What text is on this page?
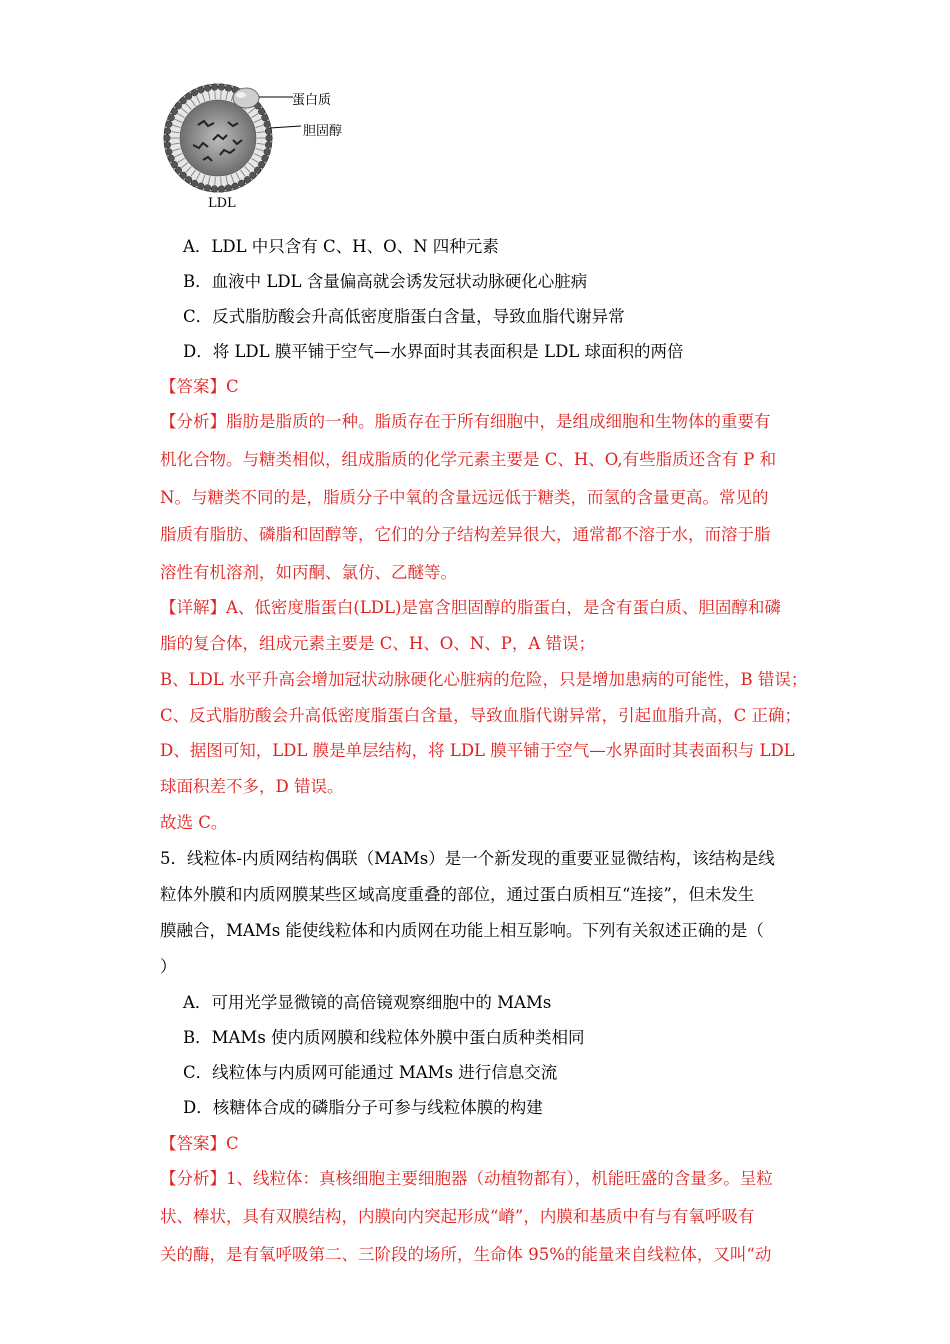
蛋白质
胆固醇
LDL
A．LDL 中只含有 C、H、O、N 四种元素
B．血液中 LDL 含量偏高就会诱发冠状动脉硬化心脏病
C．反式脂肪酸会升高低密度脂蛋白含量，导致血脂代谢异常
D．将 LDL 膜平铺于空气—水界面时其表面积是 LDL 球面积的两倍
【答案】C
【分析】脂肪是脂质的一种。脂质存在于所有细胞中，是组成细胞和生物体的重要有
机化合物。与糖类相似，组成脂质的化学元素主要是 C、H、O,有些脂质还含有 P 和
N。与糖类不同的是，脂质分子中氧的含量远远低于糖类，而氢的含量更高。常见的
脂质有脂肪、磷脂和固醇等，它们的分子结构差异很大，通常都不溶于水，而溶于脂
溶性有机溶剂，如丙酮、氯仿、乙醚等。
【详解】A、低密度脂蛋白(LDL)是富含胆固醇的脂蛋白，是含有蛋白质、胆固醇和磷
脂的复合体，组成元素主要是 C、H、O、N、P，A 错误；
B、LDL 水平升高会增加冠状动脉硬化心脏病的危险，只是增加患病的可能性，B 错误；
C、反式脂肪酸会升高低密度脂蛋白含量，导致血脂代谢异常，引起血脂升高，C 正确；
D、据图可知，LDL 膜是单层结构，将 LDL 膜平铺于空气—水界面时其表面积与 LDL
球面积差不多，D 错误。
故选 C。
5．线粒体-内质网结构偶联（MAMs）是一个新发现的重要亚显微结构，该结构是线
粒体外膜和内质网膜某些区域高度重叠的部位，通过蛋白质相互“连接”，但未发生
膜融合，MAMs 能使线粒体和内质网在功能上相互影响。下列有关叙述正确的是（
）
A．可用光学显微镜的高倍镜观察细胞中的 MAMs
B．MAMs 使内质网膜和线粒体外膜中蛋白质种类相同
C．线粒体与内质网可能通过 MAMs 进行信息交流
D．核糖体合成的磷脂分子可参与线粒体膜的构建
【答案】C
【分析】1、线粒体：真核细胞主要细胞器（动植物都有），机能旺盛的含量多。呈粒
状、棒状，具有双膜结构，内膜向内突起形成“嵴”，内膜和基质中有与有氧呼吸有
关的酶，是有氧呼吸第二、三阶段的场所，生命体 95%的能量来自线粒体，又叫“动
